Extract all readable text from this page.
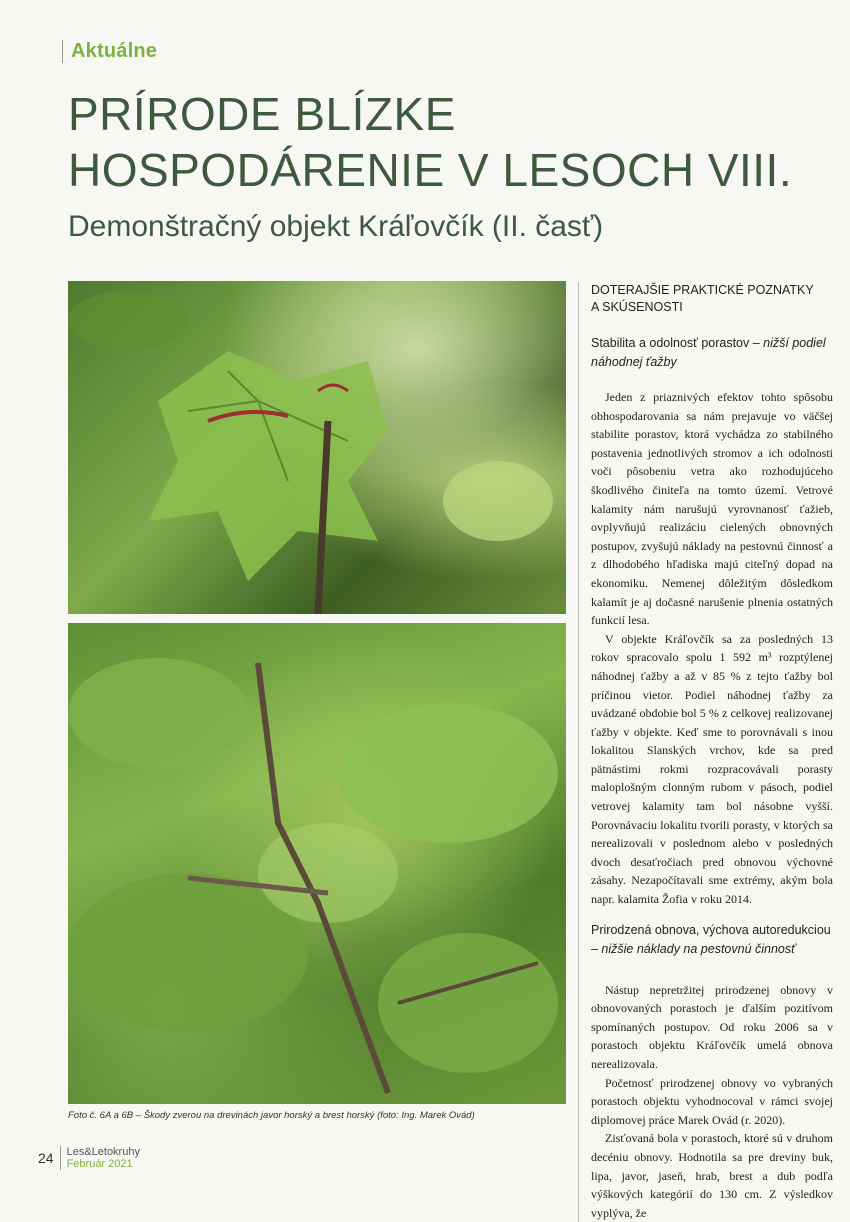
Aktuálne
PRÍRODE BLÍZKE
HOSPODÁRENIE V LESOCH VIII.
Demonštračný objekt Kráľovčík (II. časť)
Foto č. 6A a 6B – Škody zverou na drevinách javor horský a brest horský (foto: Ing. Marek Ovád)
DOTERAJŠIE PRAKTICKÉ POZNATKY
A SKÚSENOSTI
Stabilita a odolnosť porastov – nižší podiel náhodnej ťažby

Jeden z priaznivých efektov tohto spôsobu obhospodarovania sa nám prejavuje vo väčšej stabilite porastov, ktorá vychádza zo stabilného postavenia jednotlivých stromov a ich odolnosti voči pôsobeniu vetra ako rozhodujúceho škodlivého činiteľa na tomto území. Vetrové kalamity nám narušujú vyrovnanosť ťažieb, ovplyvňujú realizáciu cielených obnovných postupov, zvyšujú náklady na pestovnú činnosť a z dlhodobého hľadiska majú citeľný dopad na ekonomiku. Nemenej dôležitým dôsledkom kalamít je aj dočasné narušenie plnenia ostatných funkcií lesa.

V objekte Kráľovčík sa za posledných 13 rokov spracovalo spolu 1 592 m³ rozptýlenej náhodnej ťažby a až v 85 % z tejto ťažby bol príčinou vietor. Podiel náhodnej ťažby za uvádzané obdobie bol 5 % z celkovej realizovanej ťažby v objekte. Keď sme to porovnávali s inou lokalitou Slanských vrchov, kde sa pred pätnástimi rokmi rozpracovávali porasty maloplošným clonným rubom v pásoch, podiel vetrovej kalamity tam bol násobne vyšší. Porovnávaciu lokalitu tvorili porasty, v ktorých sa nerealizovali v poslednom alebo v posledných dvoch desaťročiach pred obnovou výchovné zásahy. Nezapočítavali sme extrémy, akým bola napr. kalamita Žofia v roku 2014.

Prirodzená obnova, výchova autoredukciou
– nižšie náklady na pestovnú činnosť

Nástup nepretržitej prirodzenej obnovy v obnovovaných porastoch je ďalším pozitívom spomínaných postupov. Od roku 2006 sa v porastoch objektu Kráľovčík umelá obnova nerealizovala.

Početnosť prirodzenej obnovy vo vybraných porastoch objektu vyhodnocoval v rámci svojej diplomovej práce Marek Ovád (r. 2020).

Zisťovaná bola v porastoch, ktoré sú v druhom decéniu obnovy. Hodnotila sa pre dreviny buk, lipa, javor, jaseň, hrab, brest a dub podľa výškových kategórií do 130 cm. Z výsledkov vyplýva, že

24 Les&Letokruhy
Február 2021
